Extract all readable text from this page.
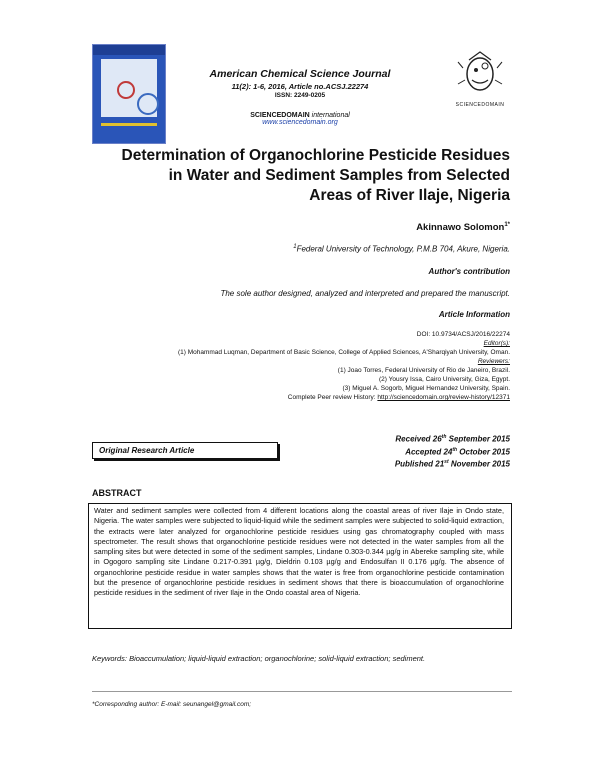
American Chemical Science Journal
11(2): 1-6, 2016, Article no.ACSJ.22274
ISSN: 2249-0205
SCIENCEDOMAIN international
www.sciencedomain.org
SCIENCEDOMAIN
Determination of Organochlorine Pesticide Residues
in Water and Sediment Samples from Selected
Areas of River Ilaje, Nigeria
Akinnawo Solomon$^{1*}$
$^1$Federal University of Technology, P.M.B 704, Akure, Nigeria.
Author's contribution
The sole author designed, analyzed and interpreted and prepared the manuscript.
Article Information
DOI: 10.9734/ACSJ/2016/22274
Editor(s):
(1) Mohammad Luqman, Department of Basic Science, College of Applied Sciences, A'Sharqiyah University, Oman.
Reviewers:
(1) Joao Torres, Federal University of Rio de Janeiro, Brazil.
(2) Yousry Issa, Cairo University, Giza, Egypt.
(3) Miguel A. Sogorb, Miguel Hernandez University, Spain.
Complete Peer review History: http://sciencedomain.org/review-history/12371
Original Research Article
Received 26th September 2015
Accepted 24th October 2015
Published 21st November 2015
ABSTRACT
Water and sediment samples were collected from 4 different locations along the coastal areas of river Ilaje in Ondo state, Nigeria. The water samples were subjected to liquid-liquid while the sediment samples were subjected to solid-liquid extraction, the extracts were later analyzed for organochlorine pesticide residues using gas chromatography coupled with mass spectrometer. The result shows that organochlorine pesticide residues were not detected in the water samples from all the sampling sites but were detected in some of the sediment samples, Lindane 0.303-0.344 µg/g in Abereke sampling site, while in Ogogoro sampling site Lindane 0.217-0.391 µg/g, Dieldrin 0.103 µg/g and Endosulfan II 0.176 µg/g. The absence of organochlorine pesticide residue in water samples shows that the water is free from organochlorine pesticide contamination but the presence of organochlorine pesticide residues in sediment shows that there is bioaccumulation of organochlorine pesticide residues in the sediment of river Ilaje in the Ondo coastal area of Nigeria.
Keywords: Bioaccumulation; liquid-liquid extraction; organochlorine; solid-liquid extraction; sediment.
*Corresponding author: E-mail: seunangel@gmail.com;
